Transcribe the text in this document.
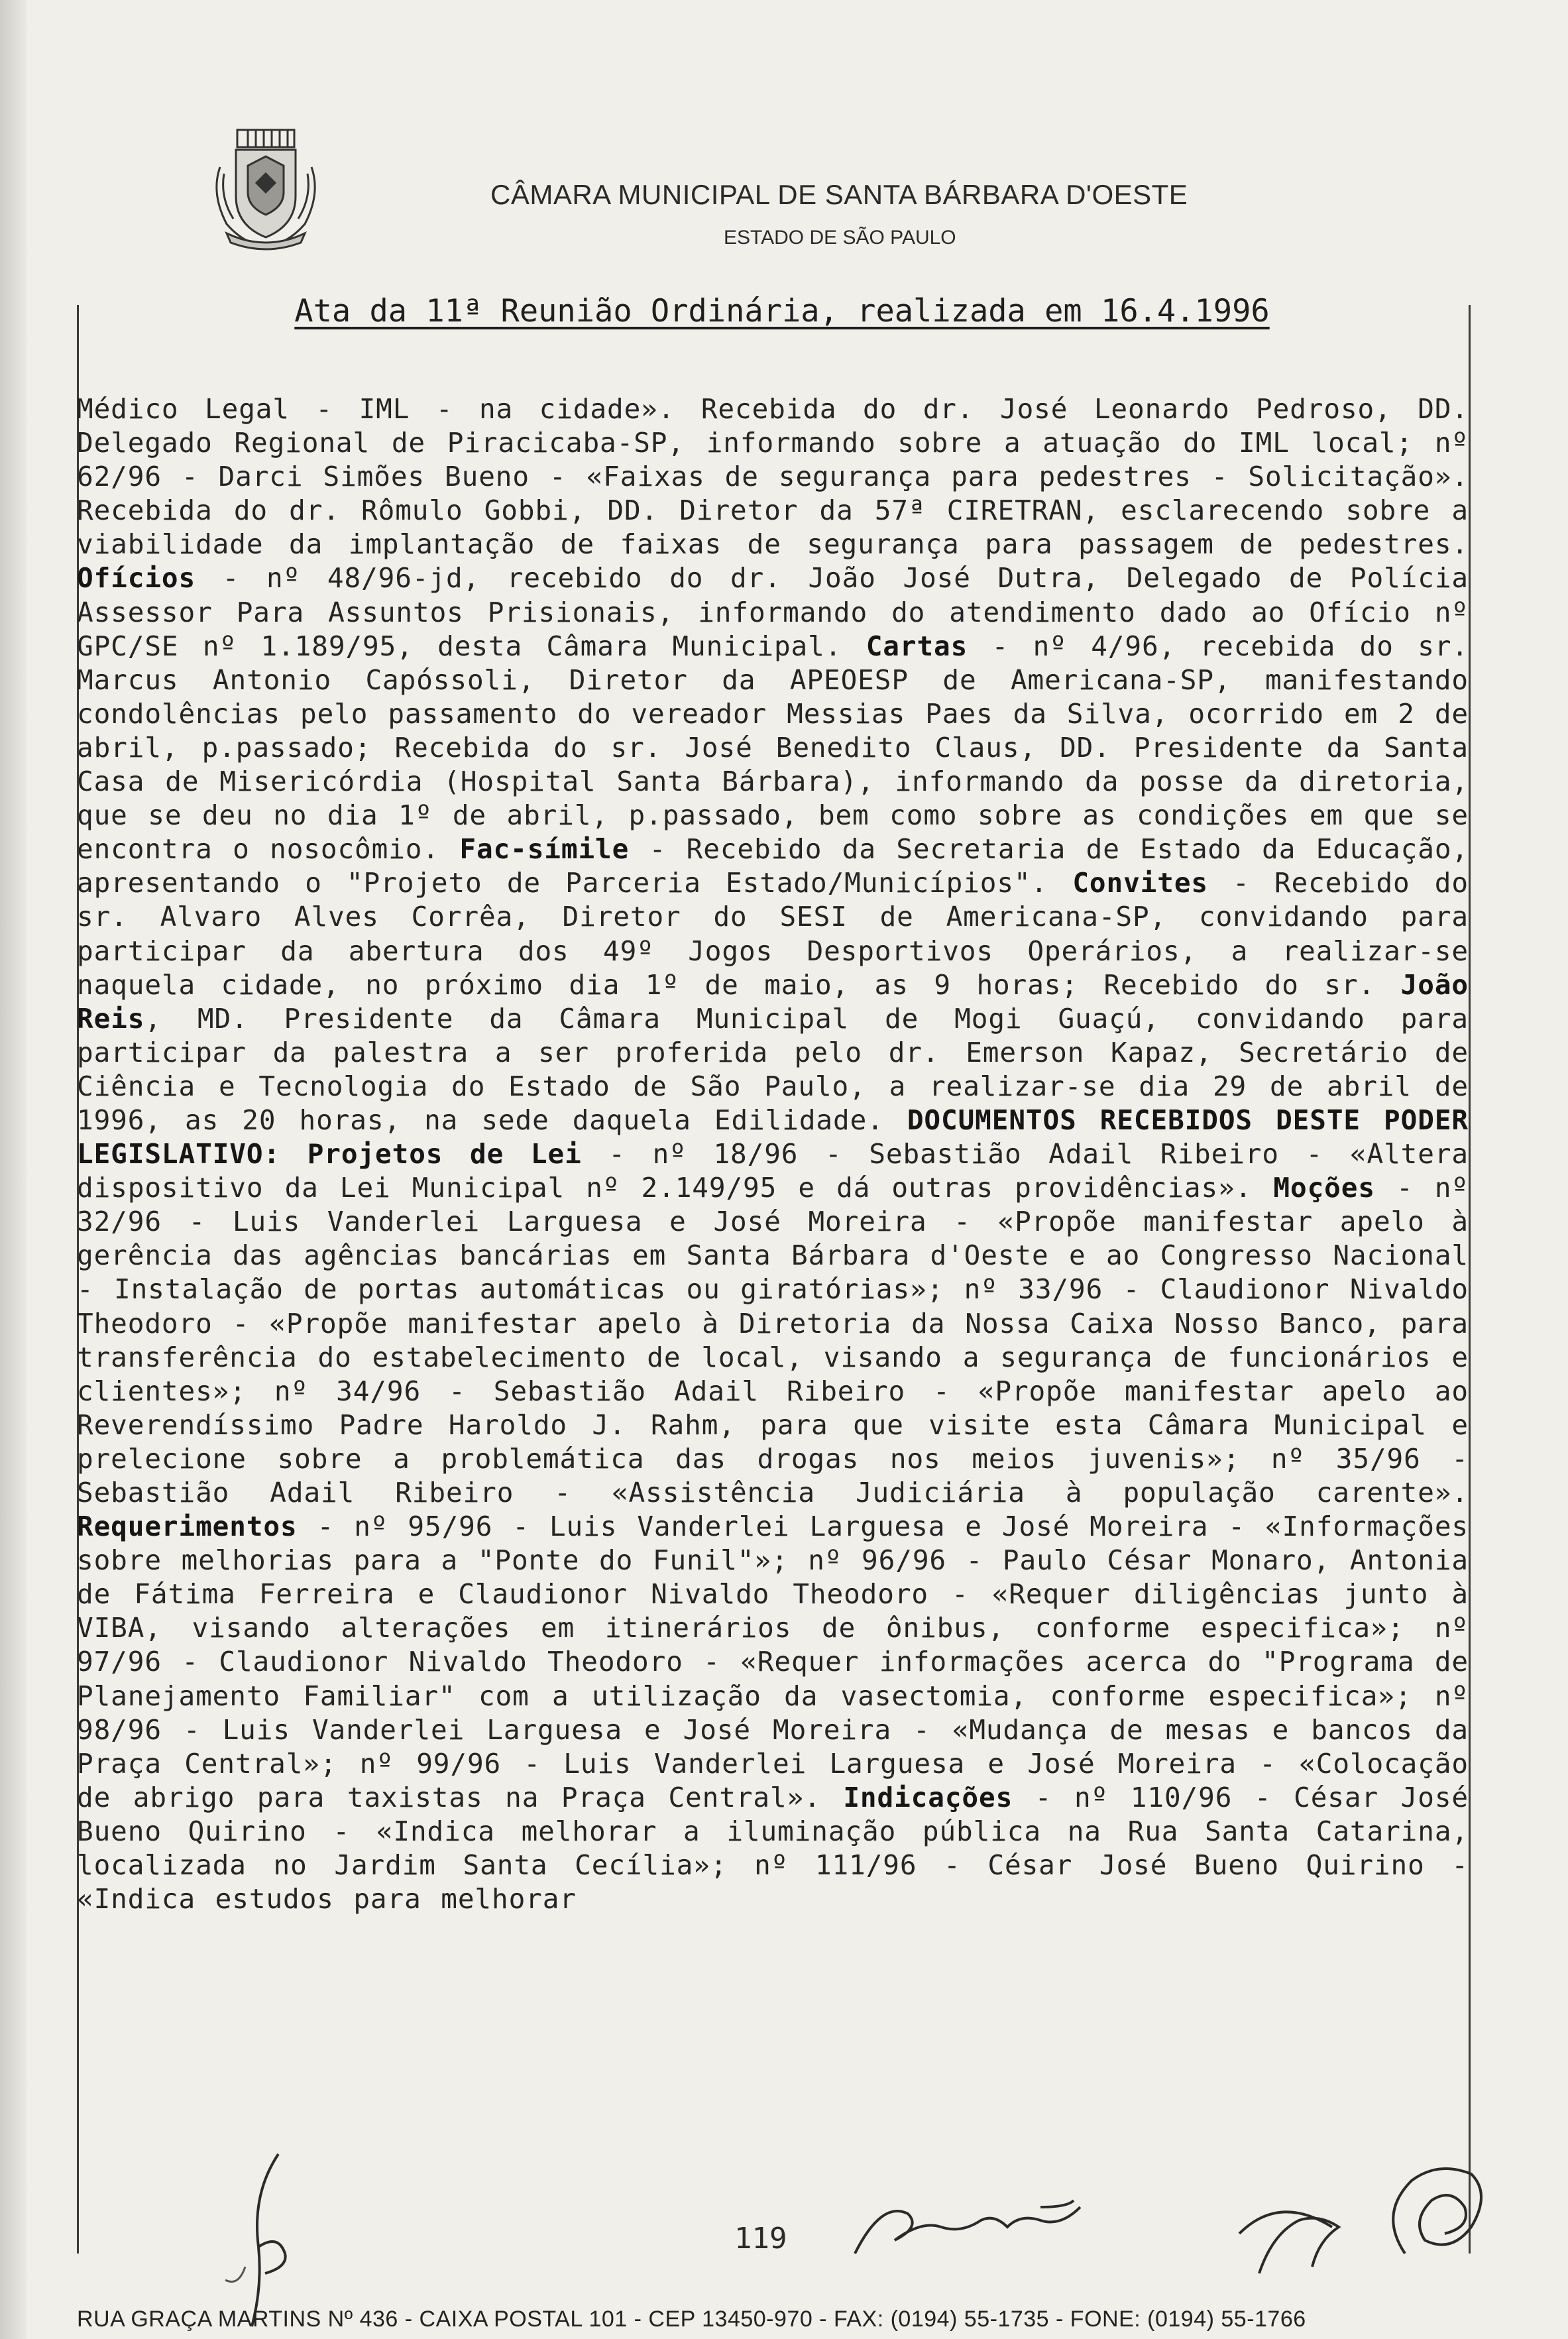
CÂMARA MUNICIPAL DE SANTA BÁRBARA D'OESTE
ESTADO DE SÃO PAULO
Ata da 11ª Reunião Ordinária, realizada em 16.4.1996
Médico Legal - IML - na cidade». Recebida do dr. José Leonardo Pedroso, DD. Delegado Regional de Piracicaba-SP, informando sobre a atuação do IML local; nº 62/96 - Darci Simões Bueno - «Faixas de segurança para pedestres - Solicitação». Recebida do dr. Rômulo Gobbi, DD. Diretor da 57ª CIRETRAN, esclarecendo sobre a viabilidade da implantação de faixas de segurança para passagem de pedestres. Ofícios - nº 48/96-jd, recebido do dr. João José Dutra, Delegado de Polícia Assessor Para Assuntos Prisionais, informando do atendimento dado ao Ofício nº GPC/SE nº 1.189/95, desta Câmara Municipal. Cartas - nº 4/96, recebida do sr. Marcus Antonio Capóssoli, Diretor da APEOESP de Americana-SP, manifestando condolências pelo passamento do vereador Messias Paes da Silva, ocorrido em 2 de abril, p.passado; Recebida do sr. José Benedito Claus, DD. Presidente da Santa Casa de Misericórdia (Hospital Santa Bárbara), informando da posse da diretoria, que se deu no dia 1º de abril, p.passado, bem como sobre as condições em que se encontra o nosocômio. Fac-símile - Recebido da Secretaria de Estado da Educação, apresentando o "Projeto de Parceria Estado/Municípios". Convites - Recebido do sr. Alvaro Alves Corrêa, Diretor do SESI de Americana-SP, convidando para participar da abertura dos 49º Jogos Desportivos Operários, a realizar-se naquela cidade, no próximo dia 1º de maio, as 9 horas; Recebido do sr. João Reis, MD. Presidente da Câmara Municipal de Mogi Guaçú, convidando para participar da palestra a ser proferida pelo dr. Emerson Kapaz, Secretário de Ciência e Tecnologia do Estado de São Paulo, a realizar-se dia 29 de abril de 1996, as 20 horas, na sede daquela Edilidade. DOCUMENTOS RECEBIDOS DESTE PODER LEGISLATIVO: Projetos de Lei - nº 18/96 - Sebastião Adail Ribeiro - «Altera dispositivo da Lei Municipal nº 2.149/95 e dá outras providências». Moções - nº 32/96 - Luis Vanderlei Larguesa e José Moreira - «Propõe manifestar apelo à gerência das agências bancárias em Santa Bárbara d'Oeste e ao Congresso Nacional - Instalação de portas automáticas ou giratórias»; nº 33/96 - Claudionor Nivaldo Theodoro - «Propõe manifestar apelo à Diretoria da Nossa Caixa Nosso Banco, para transferência do estabelecimento de local, visando a segurança de funcionários e clientes»; nº 34/96 - Sebastião Adail Ribeiro - «Propõe manifestar apelo ao Reverendíssimo Padre Haroldo J. Rahm, para que visite esta Câmara Municipal e prelecione sobre a problemática das drogas nos meios juvenis»; nº 35/96 - Sebastião Adail Ribeiro - «Assistência Judiciária à população carente». Requerimentos - nº 95/96 - Luis Vanderlei Larguesa e José Moreira - «Informações sobre melhorias para a "Ponte do Funil"»; nº 96/96 - Paulo César Monaro, Antonia de Fátima Ferreira e Claudionor Nivaldo Theodoro - «Requer diligências junto à VIBA, visando alterações em itinerários de ônibus, conforme especifica»; nº 97/96 - Claudionor Nivaldo Theodoro - «Requer informações acerca do "Programa de Planejamento Familiar" com a utilização da vasectomia, conforme especifica»; nº 98/96 - Luis Vanderlei Larguesa e José Moreira - «Mudança de mesas e bancos da Praça Central»; nº 99/96 - Luis Vanderlei Larguesa e José Moreira - «Colocação de abrigo para taxistas na Praça Central». Indicações - nº 110/96 - César José Bueno Quirino - «Indica melhorar a iluminação pública na Rua Santa Catarina, localizada no Jardim Santa Cecília»; nº 111/96 - César José Bueno Quirino - «Indica estudos para melhorar
119
RUA GRAÇA MARTINS Nº 436 - CAIXA POSTAL 101 - CEP 13450-970 - FAX: (0194) 55-1735 - FONE: (0194) 55-1766
